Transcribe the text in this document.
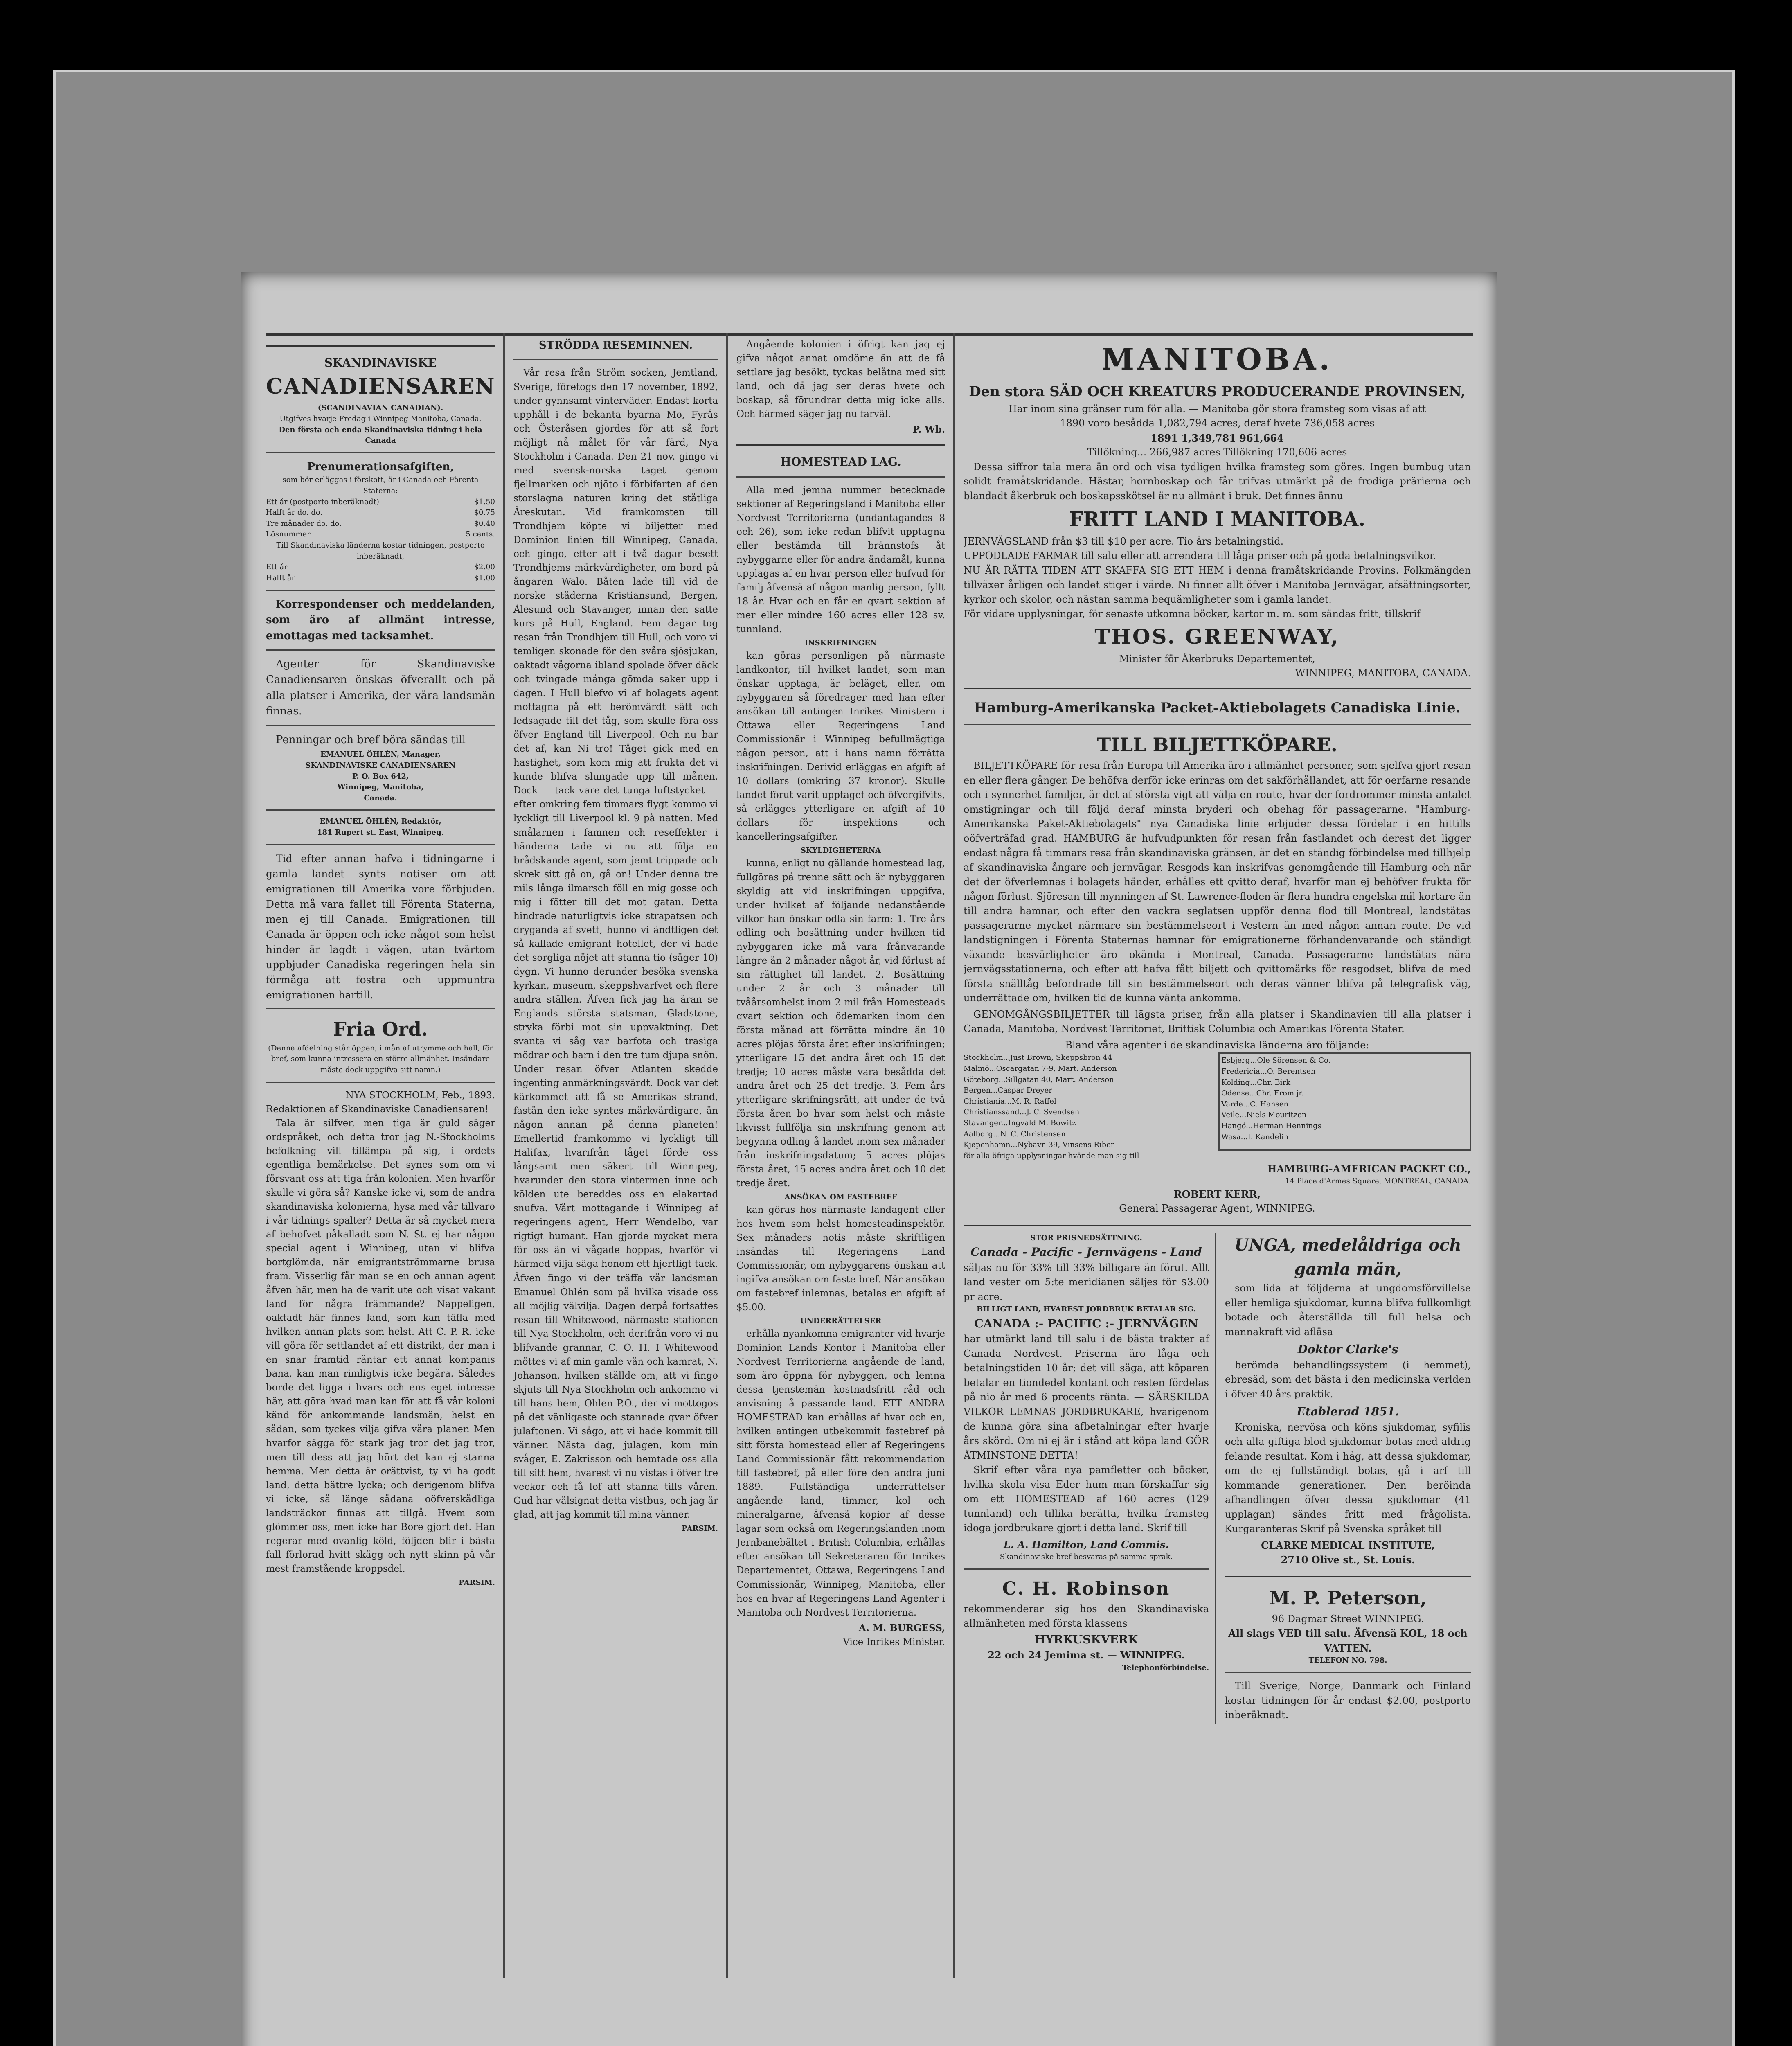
SKANDINAVISKE
CANADIENSAREN
(SCANDINAVIAN CANADIAN).
Utgifves hvarje Fredag i Winnipeg Manitoba, Canada.
Den första och enda Skandinaviska tidning i hela Canada
Prenumerationsafgiften,
som bör erläggas i förskott, är i Canada och Förenta Staterna:
Ett år (postporto inberäknadt)	$1.50
Halft år do. do.	$0.75
Tre månader do. do.	$0.40
Lösnummer	5 cents.
Till Skandinaviska länderna kostar tidningen, postporto inberäknadt,
Ett år	$2.00
Halft år	$1.00
Korrespondenser och meddelanden, som äro af allmänt intresse, emottagas med tacksamhet.
Agenter för Skandinaviske Canadiensaren önskas öfverallt och på alla platser i Amerika, der våra landsmän finnas.
Penningar och bref böra sändas till
EMANUEL ÖHLÉN, Manager,
SKANDINAVISKE CANADIENSAREN
P. O. Box 642,
Winnipeg, Manitoba,
Canada.
EMANUEL ÖHLÉN, Redaktör,
181 Rupert st. East, Winnipeg.
Tid efter annan hafva i tidningarne i gamla landet synts notiser om att emigrationen till Amerika vore förbjuden. Detta må vara fallet till Förenta Staterna, men ej till Canada. Emigrationen till Canada är öppen och icke något som helst hinder är lagdt i vägen, utan tvärtom uppbjuder Canadiska regeringen hela sin förmåga att fostra och uppmuntra emigrationen härtill.
Fria Ord.
(Denna afdelning står öppen, i mån af utrymme och hall, för bref, som kunna intressera en större allmänhet. Insändare måste dock uppgifva sitt namn.)
NYA STOCKHOLM, Feb., 1893.
Redaktionen af Skandinaviske Canadiensaren!
Tala är silfver, men tiga är guld säger ordspråket, och detta tror jag N.-Stockholms befolkning vill tillämpa på sig, i ordets egentliga bemärkelse. Det synes som om vi försvant oss att tiga från kolonien. Men hvarför skulle vi göra så? Kanske icke vi, som de andra skandinaviska kolonierna, hysa med vår tillvaro i vår tidnings spalter? Detta är så mycket mera af behofvet påkalladt som N. St. ej har någon special agent i Winnipeg, utan vi blifva bortglömda, när emigrantströmmarne brusa fram. Visserlig får man se en och annan agent åfven här, men ha de varit ute och visat vakant land för några främmande? Nappeligen, oaktadt här finnes land, som kan täfla med hvilken annan plats som helst. Att C. P. R. icke vill göra för settlandet af ett distrikt, der man i en snar framtid räntar ett annat kompanis bana, kan man rimligtvis icke begära. Således borde det ligga i hvars och ens eget intresse här, att göra hvad man kan för att få vår koloni känd för ankommande landsmän, helst en sådan, som tyckes vilja gifva våra planer. Men hvarfor sägga för stark jag tror det jag tror, men till dess att jag hört det kan ej stanna hemma. Men detta är orättvist, ty vi ha godt land, detta bättre lycka; och derigenom blifva vi icke, så länge sådana oöfverskådliga landsträckor finnas att tillgå. Hvem som glömmer oss, men icke har Bore gjort det. Han regerar med ovanlig köld, följden blir i bästa fall förlorad hvitt skägg och nytt skinn på vår mest framstående kroppsdel.
PARSIM.
STRÖDDA RESEMINNEN.
Vår resa från Ström socken, Jemtland, Sverige, företogs den 17 november, 1892, under gynnsamt vinterväder. Endast korta upphåll i de bekanta byarna Mo, Fyrås och Österåsen gjordes för att så fort möjligt nå målet för vår färd, Nya Stockholm i Canada. Den 21 nov. gingo vi med svensk-norska taget genom fjellmarken och njöto i förbifarten af den storslagna naturen kring det ståtliga Åreskutan. Vid framkomsten till Trondhjem köpte vi biljetter med Dominion linien till Winnipeg, Canada, och gingo, efter att i två dagar besett Trondhjems märkvärdigheter, om bord på ångaren Walo. Båten lade till vid de norske städerna Kristiansund, Bergen, Ålesund och Stavanger, innan den satte kurs på Hull, England. Fem dagar tog resan från Trondhjem till Hull, och voro vi temligen skonade för den svåra sjösjukan, oaktadt vågorna ibland spolade öfver däck och tvingade många gömda saker upp i dagen. I Hull blefvo vi af bolagets agent mottagna på ett berömvärdt sätt och ledsagade till det tåg, som skulle föra oss öfver England till Liverpool. Och nu bar det af, kan Ni tro! Tåget gick med en hastighet, som kom mig att frukta det vi kunde blifva slungade upp till månen. Dock — tack vare det tunga luftstycket — efter omkring fem timmars flygt kommo vi lyckligt till Liverpool kl. 9 på natten. Med smålarnen i famnen och reseffekter i händerna tade vi nu att följa en brådskande agent, som jemt trippade och skrek sitt gå on, gå on! Under denna tre mils långa ilmarsch föll en mig gosse och mig i fötter till det mot gatan. Detta hindrade naturligtvis icke strapatsen och dryganda af svett, hunno vi ändtligen det så kallade emigrant hotellet, der vi hade det sorgliga nöjet att stanna tio (säger 10) dygn. Vi hunno derunder besöka svenska kyrkan, museum, skeppshvarfvet och flere andra ställen. Åfven fick jag ha äran se Englands största statsman, Gladstone, stryka förbi mot sin uppvaktning. Det svanta vi såg var barfota och trasiga mödrar och barn i den tre tum djupa snön. Under resan öfver Atlanten skedde ingenting anmärkningsvärdt. Dock var det kärkommet att få se Amerikas strand, fastän den icke syntes märkvärdigare, än någon annan på denna planeten! Emellertid framkommo vi lyckligt till Halifax, hvarifrån tåget förde oss långsamt men säkert till Winnipeg, hvarunder den stora vintermen inne och kölden ute bereddes oss en elakartad snufva. Vårt mottagande i Winnipeg af regeringens agent, Herr Wendelbo, var rigtigt humant. Han gjorde mycket mera för oss än vi vågade hoppas, hvarför vi härmed vilja säga honom ett hjertligt tack. Åfven fingo vi der träffa vår landsman Emanuel Öhlén som på hvilka visade oss all möjlig välvilja. Dagen derpå fortsattes resan till Whitewood, närmaste stationen till Nya Stockholm, och derifrån voro vi nu blifvande grannar, C. O. H. I Whitewood möttes vi af min gamle vän och kamrat, N. Johanson, hvilken ställde om, att vi fingo skjuts till Nya Stockholm och ankommo vi till hans hem, Ohlen P.O., der vi mottogos på det vänligaste och stannade qvar öfver julaftonen. Vi sågo, att vi hade kommit till vänner. Nästa dag, julagen, kom min svåger, E. Zakrisson och hemtade oss alla till sitt hem, hvarest vi nu vistas i öfver tre veckor och få lof att stanna tills våren. Gud har välsignat detta vistbus, och jag är glad, att jag kommit till mina vänner.
PARSIM.
Angående kolonien i öfrigt kan jag ej gifva något annat omdöme än att de få settlare jag besökt, tyckas belåtna med sitt land, och då jag ser deras hvete och boskap, så förundrar detta mig icke alls. Och härmed säger jag nu farväl.
P. Wb.
HOMESTEAD LAG.
Alla med jemna nummer betecknade sektioner af Regeringsland i Manitoba eller Nordvest Territorierna (undantagandes 8 och 26), som icke redan blifvit upptagna eller bestämda till brännstofs åt nybyggarne eller för andra ändamål, kunna upplagas af en hvar person eller hufvud för familj åfvensä af någon manlig person, fyllt 18 år. Hvar och en får en qvart sektion af mer eller mindre 160 acres eller 128 sv. tunnland.
INSKRIFNINGEN
kan göras personligen på närmaste landkontor, till hvilket landet, som man önskar upptaga, är beläget, eller, om nybyggaren så föredrager med han efter ansökan till antingen Inrikes Ministern i Ottawa eller Regeringens Land Commissionär i Winnipeg befullmägtiga någon person, att i hans namn förrätta inskrifningen. Derivid erläggas en afgift af 10 dollars (omkring 37 kronor). Skulle landet förut varit upptaget och öfvergifvits, så erlägges ytterligare en afgift af 10 dollars för inspektions och kancelleringsafgifter.
SKYLDIGHETERNA
kunna, enligt nu gällande homestead lag, fullgöras på trenne sätt och är nybyggaren skyldig att vid inskrifningen uppgifva, under hvilket af följande nedanstående vilkor han önskar odla sin farm: 1. Tre års odling och bosättning under hvilken tid nybyggaren icke må vara frånvarande längre än 2 månader något år, vid förlust af sin rättighet till landet. 2. Bosättning under 2 år och 3 månader till tvåårsomhelst inom 2 mil från Homesteads qvart sektion och ödemarken inom den första månad att förrätta mindre än 10 acres plöjas första året efter inskrifningen; ytterligare 15 det andra året och 15 det tredje; 10 acres måste vara besådda det andra året och 25 det tredje. 3. Fem års ytterligare skrifningsrätt, att under de två första åren bo hvar som helst och måste likvisst fullfölja sin inskrifning genom att begynna odling å landet inom sex månader från inskrifningsdatum; 5 acres plöjas första året, 15 acres andra året och 10 det tredje året.
ANSÖKAN OM FASTEBREF
kan göras hos närmaste landagent eller hos hvem som helst homesteadinspektör. Sex månaders notis måste skriftligen insändas till Regeringens Land Commissionär, om nybyggarens önskan att ingifva ansökan om faste bref. När ansökan om fastebref inlemnas, betalas en afgift af $5.00.
UNDERRÄTTELSER
erhålla nyankomna emigranter vid hvarje Dominion Lands Kontor i Manitoba eller Nordvest Territorierna angående de land, som äro öppna för nybyggen, och lemna dessa tjenstemän kostnadsfritt råd och anvisning å passande land. ETT ANDRA HOMESTEAD kan erhållas af hvar och en, hvilken antingen utbekommit fastebref på sitt första homestead eller af Regeringens Land Commissionär fått rekommendation till fastebref, på eller före den andra juni 1889. Fullständiga underrättelser angående land, timmer, kol och mineralgarne, åfvensä kopior af desse lagar som också om Regeringslanden inom Jernbanebältet i British Columbia, erhållas efter ansökan till Sekreteraren för Inrikes Departementet, Ottawa, Regeringens Land Commissionär, Winnipeg, Manitoba, eller hos en hvar af Regeringens Land Agenter i Manitoba och Nordvest Territorierna.
A. M. BURGESS,
Vice Inrikes Minister.
MANITOBA.
Den stora SÄD OCH KREATURS PRODUCERANDE PROVINSEN,
Har inom sina gränser rum för alla. — Manitoba gör stora framsteg som visas af att
1890 voro besådda 1,082,794 acres, deraf hvete 736,058 acres
1891 1,349,781 961,664
Tillökning... 266,987 acres Tillökning 170,606 acres
Dessa siffror tala mera än ord och visa tydligen hvilka framsteg som göres. Ingen bumbug utan solidt framåtskridande. Hästar, hornboskap och får trifvas utmärkt på de frodiga prärierna och blandadt åkerbruk och boskapsskötsel är nu allmänt i bruk. Det finnes ännu
FRITT LAND I MANITOBA.
JERNVÄGSLAND från $3 till $10 per acre. Tio års betalningstid.
UPPODLADE FARMAR till salu eller att arrendera till låga priser och på goda betalningsvilkor.
NU ÄR RÄTTA TIDEN ATT SKAFFA SIG ETT HEM i denna framåtskridande Provins. Folkmängden tillväxer årligen och landet stiger i värde. Ni finner allt öfver i Manitoba Jernvägar, afsättningsorter, kyrkor och skolor, och nästan samma bequämligheter som i gamla landet.
För vidare upplysningar, för senaste utkomna böcker, kartor m. m. som sändas fritt, tillskrif
THOS. GREENWAY,
Minister för Åkerbruks Departementet,
WINNIPEG, MANITOBA, CANADA.
Hamburg-Amerikanska Packet-Aktiebolagets Canadiska Linie.
TILL BILJETTKÖPARE.
BILJETTKÖPARE för resa från Europa till Amerika äro i allmänhet personer, som sjelfva gjort resan en eller flera gånger. De behöfva derför icke erinras om det sakförhållandet, att för oerfarne resande och i synnerhet familjer, är det af största vigt att välja en route, hvar der fordrommer minsta antalet omstigningar och till följd deraf minsta bryderi och obehag för passagerarne. "Hamburg-Amerikanska Paket-Aktiebolagets" nya Canadiska linie erbjuder dessa fördelar i en hittills oöfverträfad grad. HAMBURG är hufvudpunkten för resan från fastlandet och derest det ligger endast några få timmars resa från skandinaviska gränsen, är det en ständig förbindelse med tillhjelp af skandinaviska ångare och jernvägar. Resgods kan inskrifvas genomgående till Hamburg och när det der öfverlemnas i bolagets händer, erhålles ett qvitto deraf, hvarför man ej behöfver frukta för någon förlust. Sjöresan till mynningen af St. Lawrence-floden är flera hundra engelska mil kortare än till andra hamnar, och efter den vackra seglatsen uppför denna flod till Montreal, landstätas passagerarne mycket närmare sin bestämmelseort i Vestern än med någon annan route. De vid landstigningen i Förenta Staternas hamnar för emigrationerne förhandenvarande och ständigt växande besvärligheter äro okända i Montreal, Canada. Passagerarne landstätas nära jernvägsstationerna, och efter att hafva fått biljett och qvittomärks för resgodset, blifva de med första snälltåg befordrade till sin bestämmelseort och deras vänner blifva på telegrafisk väg, underrättade om, hvilken tid de kunna vänta ankomma.
GENOMGÅNGSBILJETTER till lägsta priser, från alla platser i Skandinavien till alla platser i Canada, Manitoba, Nordvest Territoriet, Brittisk Columbia och Amerikas Förenta Stater.
Bland våra agenter i de skandinaviska länderna äro följande:
Stockholm...Just Brown, Skeppsbron 44
Malmö...Oscargatan 7-9, Mart. Anderson
Göteborg...Sillgatan 40, Mart. Anderson
Bergen...Caspar Dreyer
Christiania...M. R. Raffel
Christianssand...J. C. Svendsen
Stavanger...Ingvald M. Bowitz
Aalborg...N. C. Christensen
Kjøpenhamn...Nybavn 39, Vinsens Riber
Esbjerg...Ole Sörensen & Co.
Fredericia...O. Berentsen
Kolding...Chr. Birk
Odense...Chr. From jr.
Varde...C. Hansen
Veile...Niels Mouritzen
Hangö...Herman Hennings
Wasa...I. Kandelin
för alla öfriga upplysningar hvände man sig till
HAMBURG-AMERICAN PACKET CO.,
14 Place d'Armes Square, MONTREAL, CANADA.
ROBERT KERR,
General Passagerar Agent, WINNIPEG.
STOR PRISNEDSÄTTNING.
Canada - Pacific - Jernvägens - Land
säljas nu för 33% till 33% billigare än förut. Allt land vester om 5:te meridianen säljes för $3.00 pr acre.
BILLIGT LAND, HVAREST JORDBRUK BETALAR SIG.
CANADA :- PACIFIC :- JERNVÄGEN
har utmärkt land till salu i de bästa trakter af Canada Nordvest. Priserna äro låga och betalningstiden 10 år; det vill säga, att köparen betalar en tiondedel kontant och resten fördelas på nio år med 6 procents ränta. — SÄRSKILDA VILKOR LEMNAS JORDBRUKARE, hvarigenom de kunna göra sina afbetalningar efter hvarje års skörd. Om ni ej är i stånd att köpa land GÖR ÄTMINSTONE DETTA!
Skrif efter våra nya pamfletter och böcker, hvilka skola visa Eder hum man förskaffar sig om ett HOMESTEAD af 160 acres (129 tunnland) och tillika berätta, hvilka framsteg idoga jordbrukare gjort i detta land. Skrif till
L. A. Hamilton, Land Commis.
Skandinaviske bref besvaras på samma sprak.
C. H. Robinson
rekommenderar sig hos den Skandinaviska allmänheten med första klassens
HYRKUSKVERK
22 och 24 Jemima st. — WINNIPEG.
Telephonförbindelse.
UNGA, medelåldriga och gamla män,
som lida af följderna af ungdomsförvillelse eller hemliga sjukdomar, kunna blifva fullkomligt botade och återställda till full helsa och mannakraft vid afläsa
Doktor Clarke's
berömda behandlingssystem (i hemmet), ebresäd, som det bästa i den medicinska verlden i öfver 40 års praktik.
Etablerad 1851.
Kroniska, nervösa och köns sjukdomar, syfilis och alla giftiga blod sjukdomar botas med aldrig felande resultat. Kom i håg, att dessa sjukdomar, om de ej fullständigt botas, gå i arf till kommande generationer. Den beröinda afhandlingen öfver dessa sjukdomar (41 upplagan) sändes fritt med frågolista. Kurgaranteras Skrif på Svenska språket till
CLARKE MEDICAL INSTITUTE,
2710 Olive st., St. Louis.
M. P. Peterson,
96 Dagmar Street WINNIPEG.
All slags VED till salu. Äfvensä KOL, 18 och VATTEN.
TELEFON NO. 798.
Till Sverige, Norge, Danmark och Finland kostar tidningen för år endast $2.00, postporto inberäknadt.
